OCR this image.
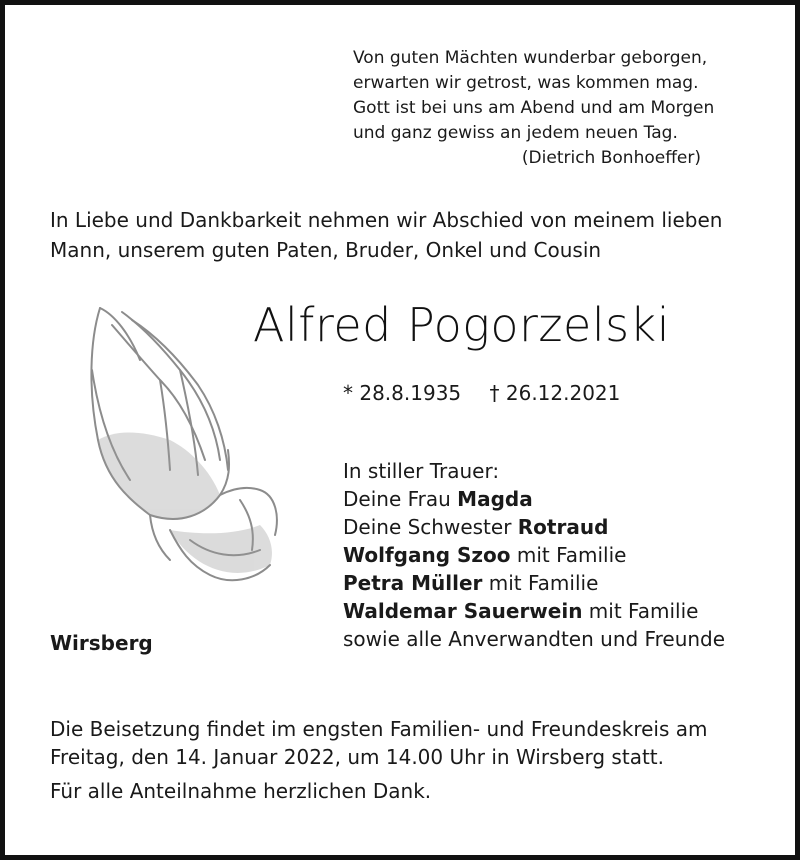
Von guten Mächten wunderbar geborgen,
erwarten wir getrost, was kommen mag.
Gott ist bei uns am Abend und am Morgen
und ganz gewiss an jedem neuen Tag.
(Dietrich Bonhoeffer)
In Liebe und Dankbarkeit nehmen wir Abschied von meinem lieben
Mann, unserem guten Paten, Bruder, Onkel und Cousin
Alfred Pogorzelski
* 28.8.1935 † 26.12.2021
In stiller Trauer:
Deine Frau Magda
Deine Schwester Rotraud
Wolfgang Szoo mit Familie
Petra Müller mit Familie
Waldemar Sauerwein mit Familie
sowie alle Anverwandten und Freunde
Wirsberg
Die Beisetzung findet im engsten Familien- und Freundeskreis am
Freitag, den 14. Januar 2022, um 14.00 Uhr in Wirsberg statt.
Für alle Anteilnahme herzlichen Dank.
